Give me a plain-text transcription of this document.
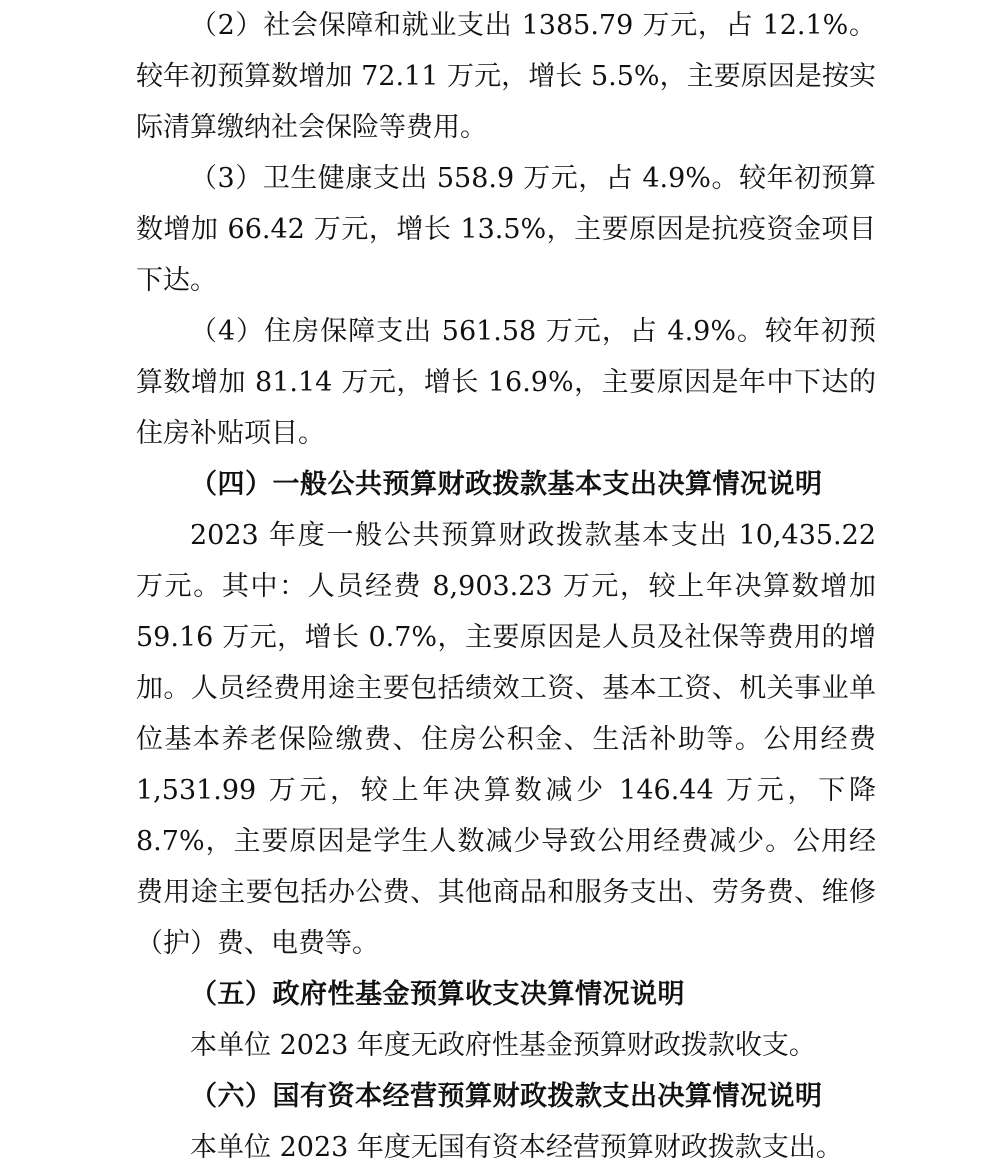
（2）社会保障和就业支出 1385.79 万元，占 12.1%。较年初预算数增加 72.11 万元，增长 5.5%，主要原因是按实际清算缴纳社会保险等费用。

（3）卫生健康支出 558.9 万元，占 4.9%。较年初预算数增加 66.42 万元，增长 13.5%，主要原因是抗疫资金项目下达。

（4）住房保障支出 561.58 万元，占 4.9%。较年初预算数增加 81.14 万元，增长 16.9%，主要原因是年中下达的住房补贴项目。

（四）一般公共预算财政拨款基本支出决算情况说明

2023 年度一般公共预算财政拨款基本支出 10,435.22 万元。其中：人员经费 8,903.23 万元，较上年决算数增加 59.16 万元，增长 0.7%，主要原因是人员及社保等费用的增加。人员经费用途主要包括绩效工资、基本工资、机关事业单位基本养老保险缴费、住房公积金、生活补助等。公用经费 1,531.99 万元，较上年决算数减少 146.44 万元，下降 8.7%，主要原因是学生人数减少导致公用经费减少。公用经费用途主要包括办公费、其他商品和服务支出、劳务费、维修（护）费、电费等。

（五）政府性基金预算收支决算情况说明

本单位 2023 年度无政府性基金预算财政拨款收支。

（六）国有资本经营预算财政拨款支出决算情况说明

本单位 2023 年度无国有资本经营预算财政拨款支出。
